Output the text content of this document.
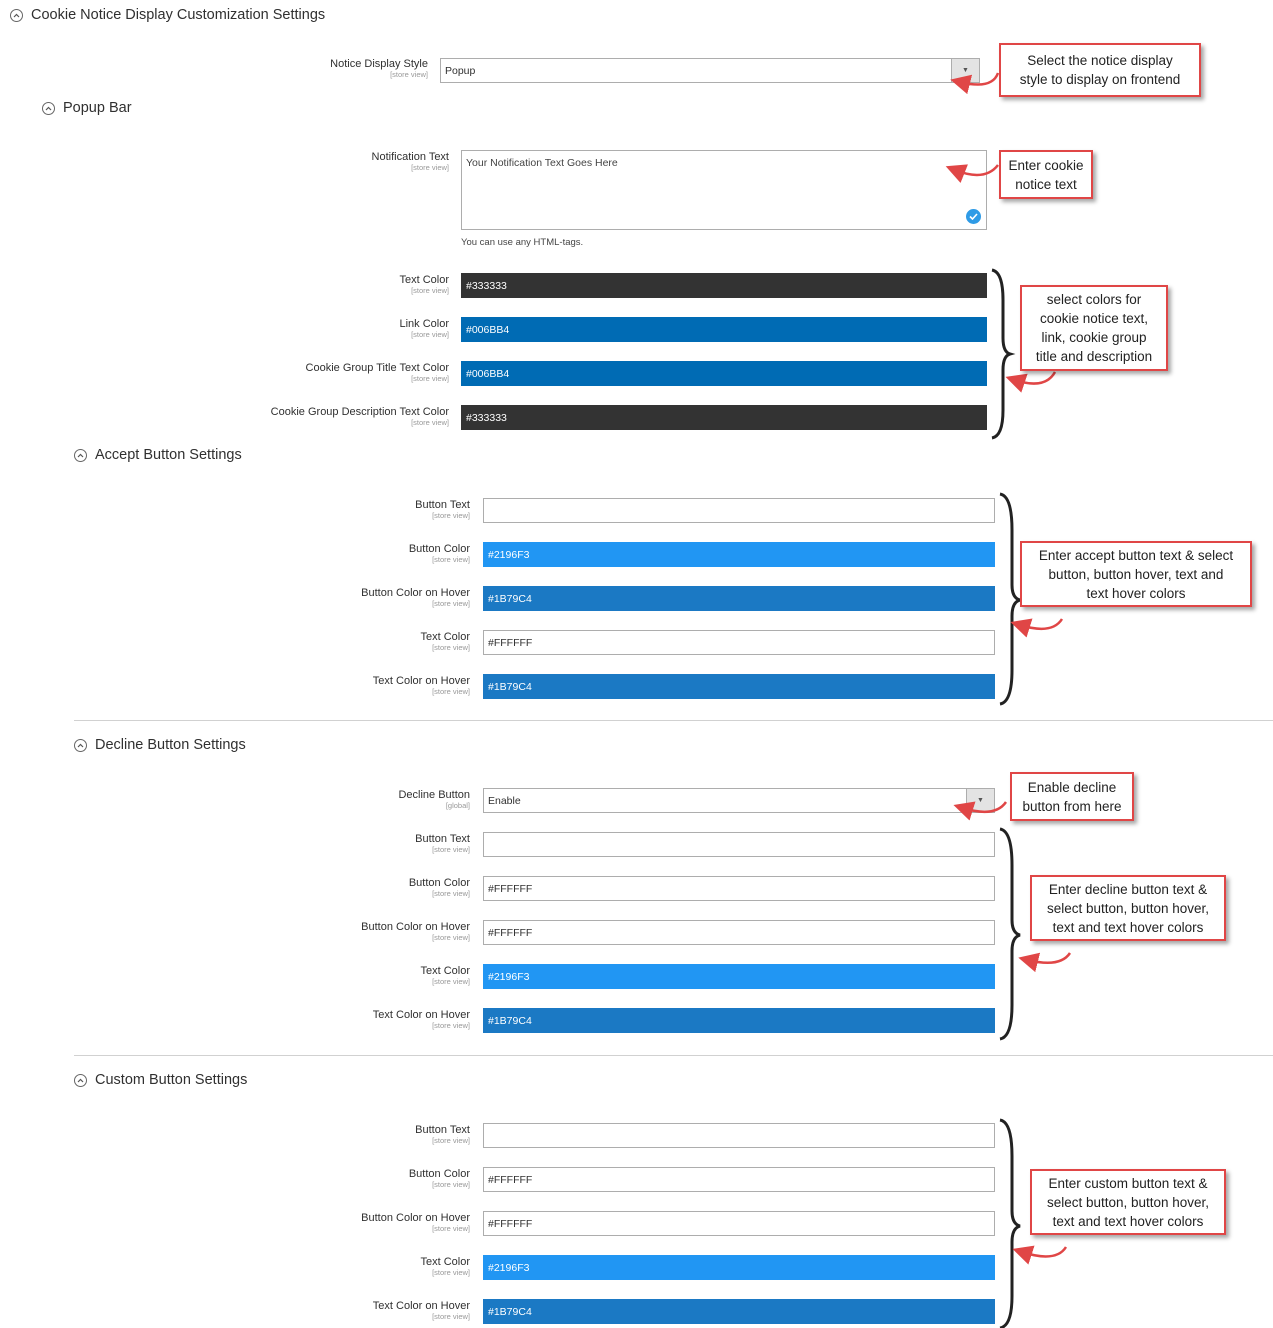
Cookie Notice Display Customization Settings
Notice Display Style
[store view] Popup	▼
Popup Bar
Notification Text
[store view]	Your Notification Text Goes Here
You can use any HTML-tags.
Text Color
[store view]	#333333
Link Color
[store view]	#006BB4
Cookie Group Title Text Color
[store view]	#006BB4
Cookie Group Description Text Color
[store view]	#333333
Accept Button Settings
Button Text
[store view]
Button Color
[store view]	#2196F3
Button Color on Hover
[store view]	#1B79C4
Text Color
[store view]	#FFFFFF
Text Color on Hover
[store view]	#1B79C4
Decline Button Settings
Decline Button
[global] Enable	▼
Button Text
[store view]
Button Color
[store view]	#FFFFFF
Button Color on Hover
[store view]	#FFFFFF
Text Color
[store view]	#2196F3
Text Color on Hover
[store view]	#1B79C4
Custom Button Settings
Button Text
[store view]
Button Color
[store view]	#FFFFFF
Button Color on Hover
[store view]	#FFFFFF
Text Color
[store view]	#2196F3
Text Color on Hover
[store view]	#1B79C4
Select the notice display
style to display on frontend
Enter cookie
notice text
select colors for
cookie notice text,
link, cookie group
title and description
Enter accept button text & select
button, button hover, text and
text hover colors
Enable decline
button from here
Enter decline button text &
select button, button hover,
text and text hover colors
Enter custom button text &
select button, button hover,
text and text hover colors
